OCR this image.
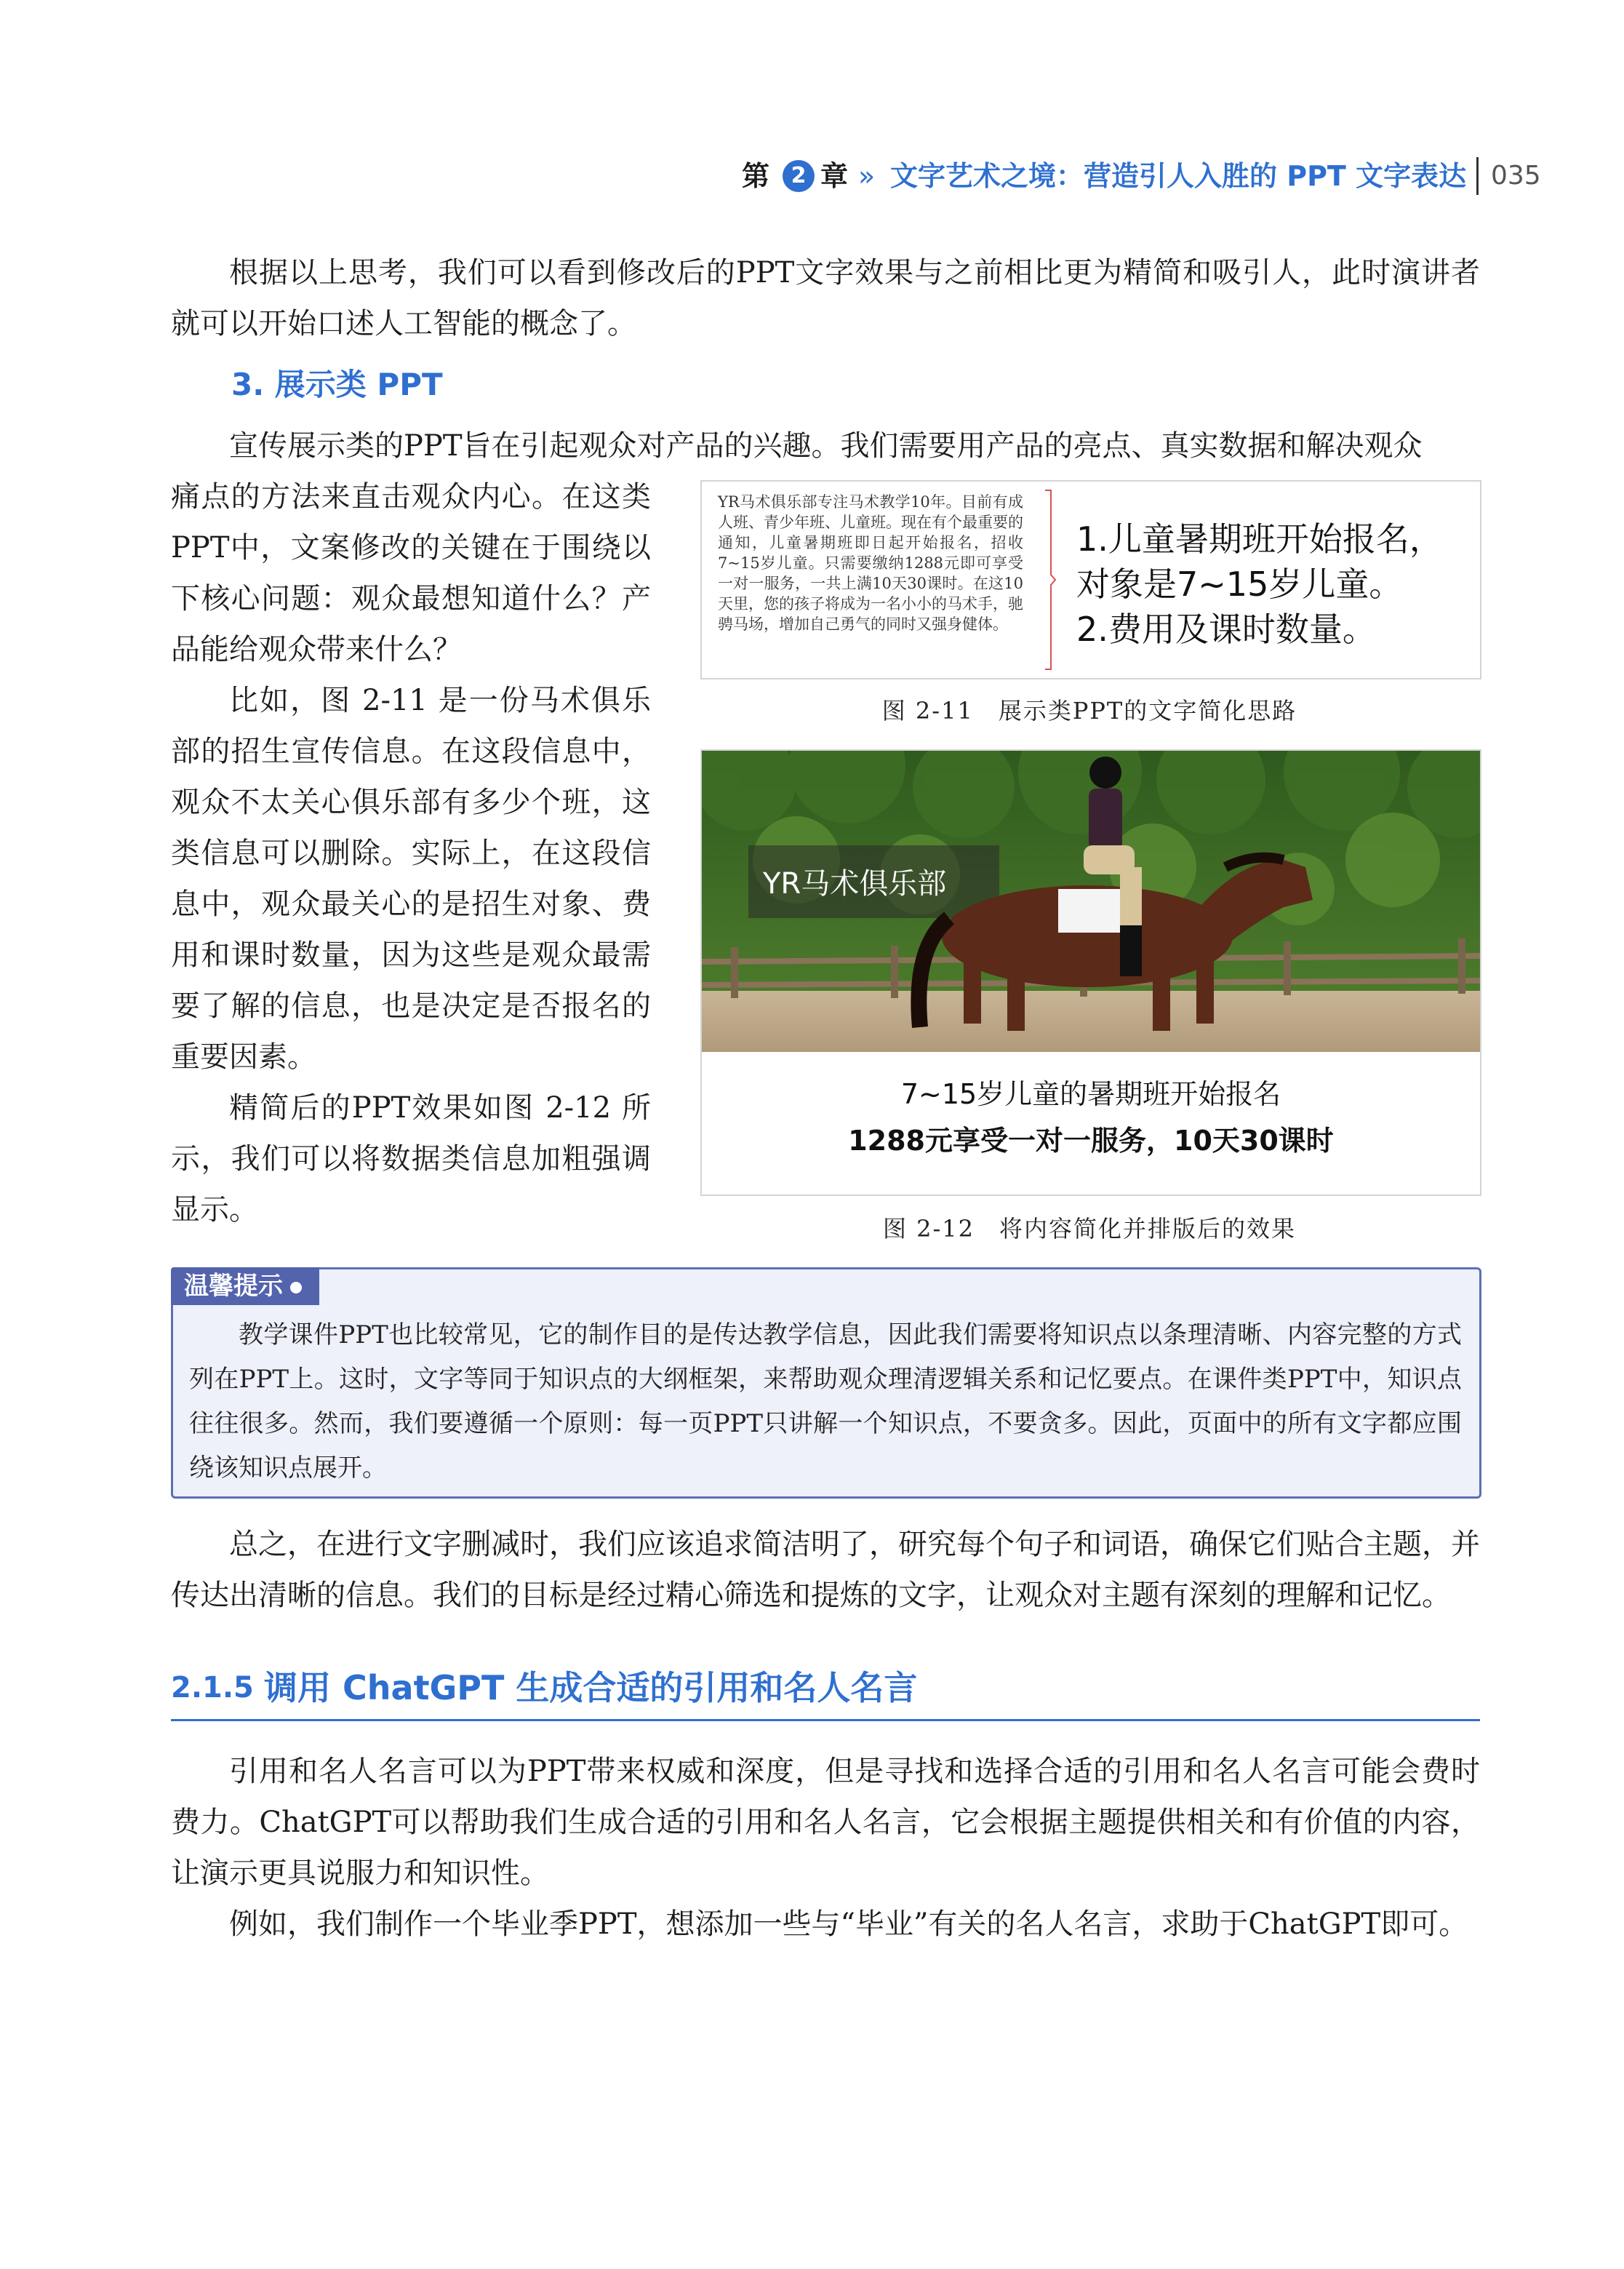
第 2 章 » 文字艺术之境：营造引人入胜的 PPT 文字表达 035
根据以上思考，我们可以看到修改后的PPT文字效果与之前相比更为精简和吸引人，此时演讲者就可以开始口述人工智能的概念了。
3. 展示类 PPT
宣传展示类的PPT旨在引起观众对产品的兴趣。我们需要用产品的亮点、真实数据和解决观众

痛点的方法来直击观众内心。在这类PPT中，文案修改的关键在于围绕以下核心问题：观众最想知道什么？产品能给观众带来什么？

比如，图 2-11 是一份马术俱乐部的招生宣传信息。在这段信息中，观众不太关心俱乐部有多少个班，这类信息可以删除。实际上，在这段信息中，观众最关心的是招生对象、费用和课时数量，因为这些是观众最需要了解的信息，也是决定是否报名的重要因素。

精简后的PPT效果如图 2-12 所示，我们可以将数据类信息加粗强调显示。

YR马术俱乐部专注马术教学10年。目前有成人班、青少年班、儿童班。现在有个最重要的通知，儿童暑期班即日起开始报名，招收7~15岁儿童。只需要缴纳1288元即可享受一对一服务，一共上满10天30课时。在这10天里，您的孩子将成为一名小小的马术手，驰骋马场，增加自己勇气的同时又强身健体。
1.儿童暑期班开始报名，
对象是7~15岁儿童。
2.费用及课时数量。
图 2-11　展示类PPT的文字简化思路
YR马术俱乐部
7~15岁儿童的暑期班开始报名
1288元享受一对一服务，10天30课时
图 2-12　将内容简化并排版后的效果
温馨提示
教学课件PPT也比较常见，它的制作目的是传达教学信息，因此我们需要将知识点以条理清晰、内容完整的方式列在PPT上。这时，文字等同于知识点的大纲框架，来帮助观众理清逻辑关系和记忆要点。在课件类PPT中，知识点往往很多。然而，我们要遵循一个原则：每一页PPT只讲解一个知识点，不要贪多。因此，页面中的所有文字都应围绕该知识点展开。
总之，在进行文字删减时，我们应该追求简洁明了，研究每个句子和词语，确保它们贴合主题，并传达出清晰的信息。我们的目标是经过精心筛选和提炼的文字，让观众对主题有深刻的理解和记忆。
2.1.5 调用 ChatGPT 生成合适的引用和名人名言
引用和名人名言可以为PPT带来权威和深度，但是寻找和选择合适的引用和名人名言可能会费时费力。ChatGPT可以帮助我们生成合适的引用和名人名言，它会根据主题提供相关和有价值的内容，让演示更具说服力和知识性。
例如，我们制作一个毕业季PPT，想添加一些与“毕业”有关的名人名言，求助于ChatGPT即可。
